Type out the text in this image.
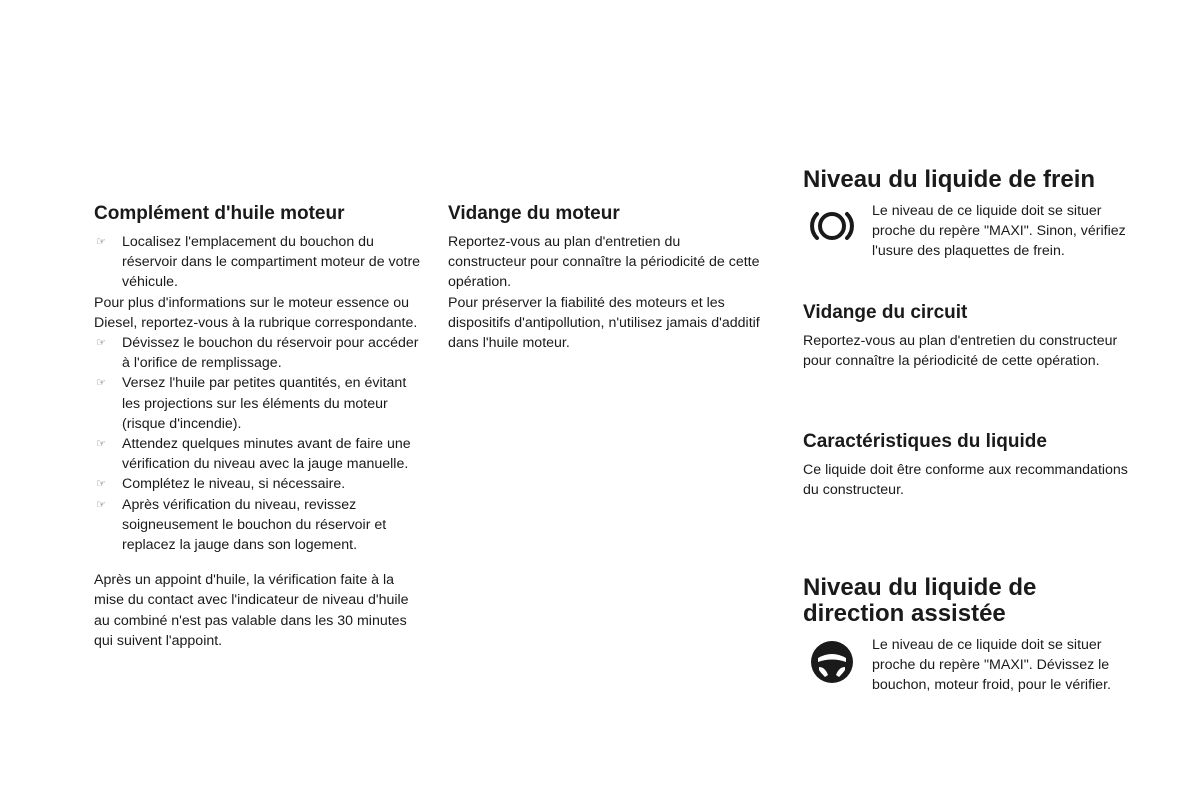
Complément d'huile moteur
☞ Localisez l'emplacement du bouchon du réservoir dans le compartiment moteur de votre véhicule.

Pour plus d'informations sur le moteur essence ou Diesel, reportez-vous à la rubrique correspondante.

☞ Dévissez le bouchon du réservoir pour accéder à l'orifice de remplissage.
☞ Versez l'huile par petites quantités, en évitant les projections sur les éléments du moteur (risque d'incendie).
☞ Attendez quelques minutes avant de faire une vérification du niveau avec la jauge manuelle.
☞ Complétez le niveau, si nécessaire.
☞ Après vérification du niveau, revissez soigneusement le bouchon du réservoir et replacez la jauge dans son logement.

Après un appoint d'huile, la vérification faite à la mise du contact avec l'indicateur de niveau d'huile au combiné n'est pas valable dans les 30 minutes qui suivent l'appoint.

Vidange du moteur

Reportez-vous au plan d'entretien du constructeur pour connaître la périodicité de cette opération.

Pour préserver la fiabilité des moteurs et les dispositifs d'antipollution, n'utilisez jamais d'additif dans l'huile moteur.

Niveau du liquide de frein

Le niveau de ce liquide doit se situer proche du repère "MAXI". Sinon, vérifiez l'usure des plaquettes de frein.

Vidange du circuit

Reportez-vous au plan d'entretien du constructeur pour connaître la périodicité de cette opération.

Caractéristiques du liquide

Ce liquide doit être conforme aux recommandations du constructeur.

Niveau du liquide de
direction assistée

Le niveau de ce liquide doit se situer proche du repère "MAXI". Dévissez le bouchon, moteur froid, pour le vérifier.
